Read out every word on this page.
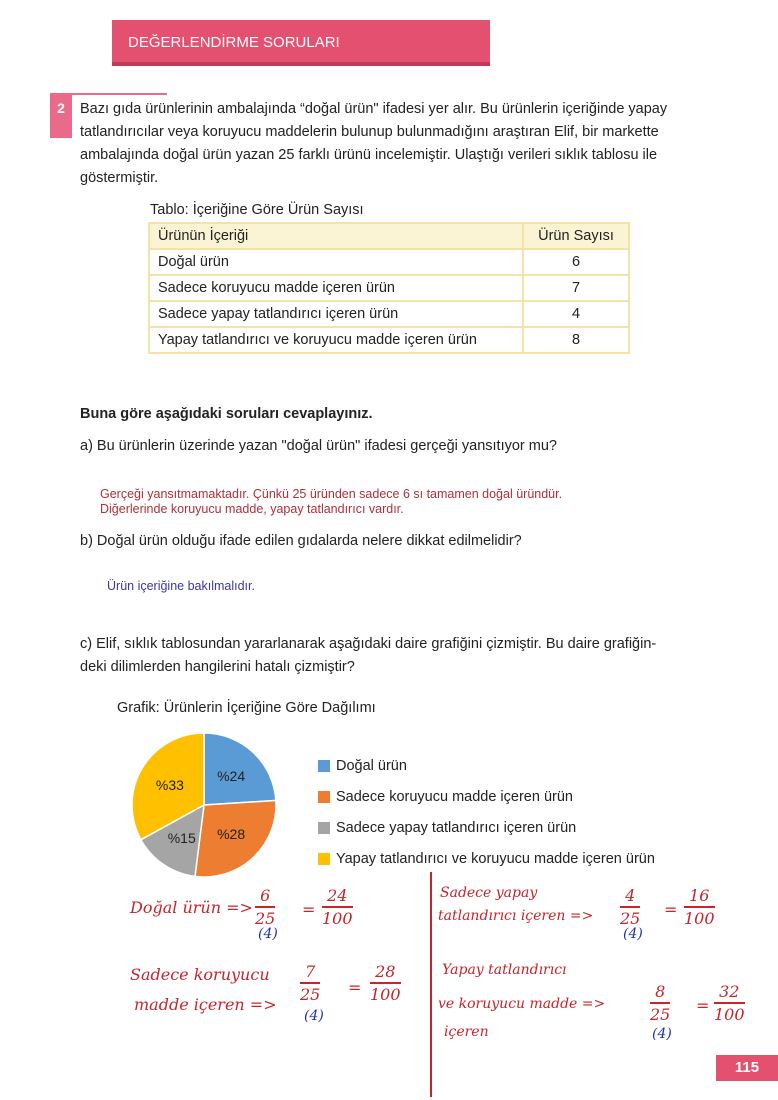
DEĞERLENDİRME SORULARI
2	Bazı gıda ürünlerinin ambalajında “doğal ürün" ifadesi yer alır. Bu ürünlerin içeriğinde yapay tatlandırıcılar veya koruyucu maddelerin bulunup bulunmadığını araştıran Elif, bir markette ambalajında doğal ürün yazan 25 farklı ürünü incelemiştir. Ulaştığı verileri sıklık tablosu ile göstermiştir.
Tablo: İçeriğine Göre Ürün Sayısı
Ürünün İçeriği	Ürün Sayısı
Doğal ürün	6
Sadece koruyucu madde içeren ürün	7
Sadece yapay tatlandırıcı içeren ürün	4
Yapay tatlandırıcı ve koruyucu madde içeren ürün	8
Buna göre aşağıdaki soruları cevaplayınız.
a) Bu ürünlerin üzerinde yazan "doğal ürün" ifadesi gerçeği yansıtıyor mu?
Gerçeği yansıtmamaktadır. Çünkü 25 üründen sadece 6 sı tamamen doğal üründür.
Diğerlerinde koruyucu madde, yapay tatlandırıcı vardır.
b) Doğal ürün olduğu ifade edilen gıdalarda nelere dikkat edilmelidir?
Ürün içeriğine bakılmalıdır.
c) Elif, sıklık tablosundan yararlanarak aşağıdaki daire grafiğini çizmiştir. Bu daire grafiğin-
deki dilimlerden hangilerini hatalı çizmiştir?
Grafik: Ürünlerin İçeriğine Göre Dağılımı
%24
%28
%15
%33
Doğal ürün
Sadece koruyucu madde içeren ürün
Sadece yapay tatlandırıcı içeren ürün
Yapay tatlandırıcı ve koruyucu madde içeren ürün
Doğal ürün =>
6
25
(4)
=
24
100
Sadece koruyucu
madde içeren =>
7
25
(4)
=
28
100
Sadece yapay
tatlandırıcı içeren =>
4
25
(4)
=
16
100
Yapay tatlandırıcı
ve koruyucu madde =>
içeren
8
25
(4)
=
32
100
115
